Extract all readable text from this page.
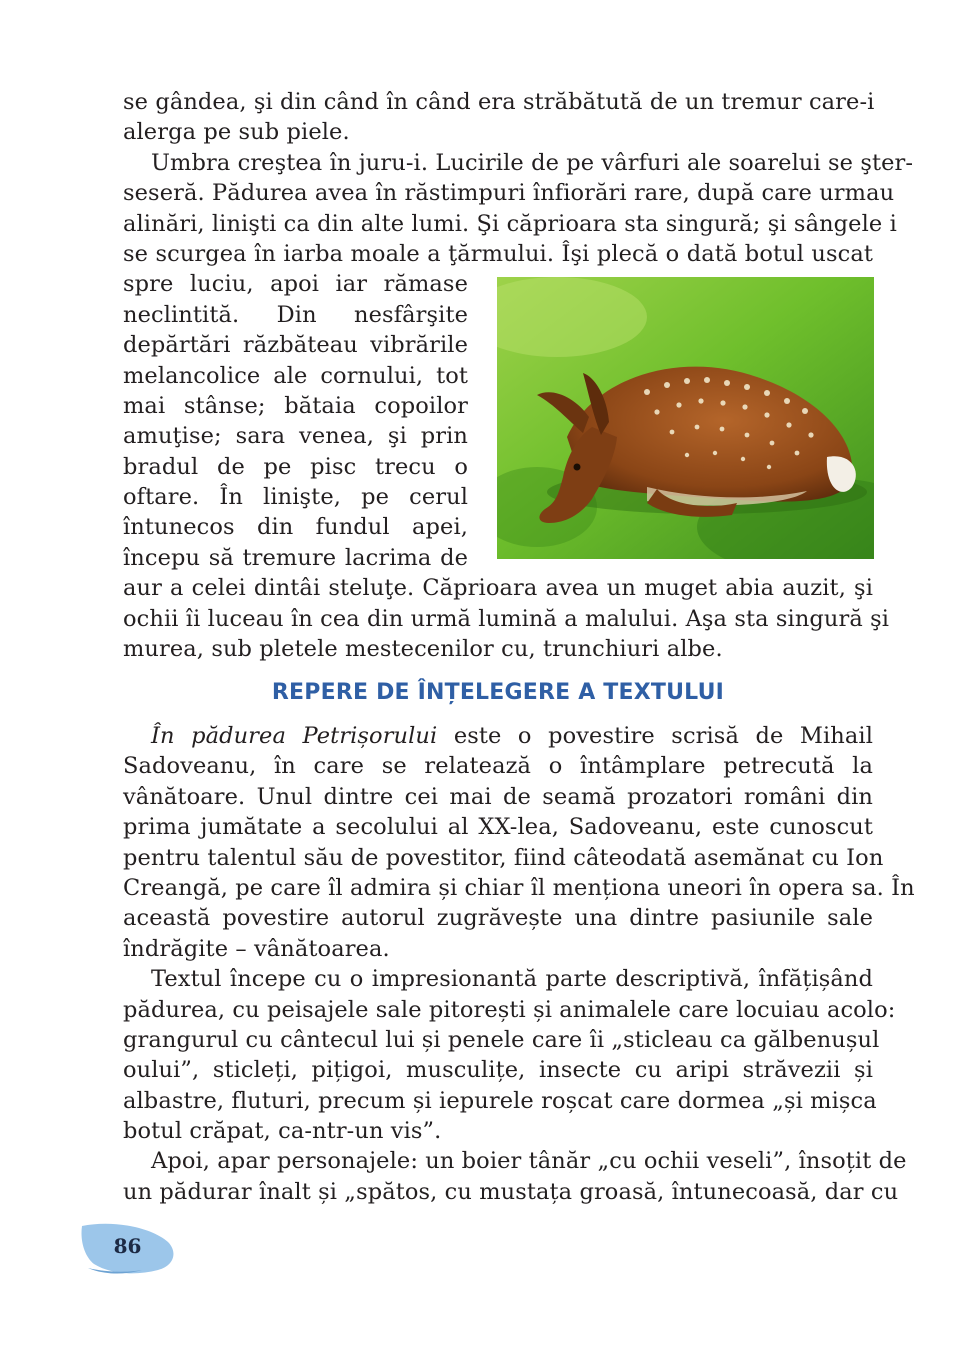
se gândea, şi din când în când era străbătută de un tremur care-i
alerga pe sub piele.
Umbra creştea în juru-i. Lucirile de pe vârfuri ale soarelui se şter-
seseră. Pădurea avea în răstimpuri înfiorări rare, după care urmau
alinări, linişti ca din alte lumi. Şi căprioara sta singură; şi sângele i
se scurgea în iarba moale a ţărmului. Îşi plecă o dată botul uscat
spre luciu, apoi iar rămase
neclintită. Din nesfârşite
depărtări răzbăteau vibrările
melancolice ale cornului, tot
mai stânse; bătaia copoilor
amuţise; sara venea, şi prin
bradul de pe pisc trecu o
oftare. În linişte, pe cerul
întunecos din fundul apei,
începu să tremure lacrima de
aur a celei dintâi steluţe. Căprioara avea un muget abia auzit, şi
ochii îi luceau în cea din urmă lumină a malului. Aşa sta singură şi
murea, sub pletele mestecenilor cu, trunchiuri albe.
REPERE DE ÎNȚELEGERE A TEXTULUI
În pădurea Petrișorului este o povestire scrisă de Mihail
Sadoveanu, în care se relatează o întâmplare petrecută la
vânătoare. Unul dintre cei mai de seamă prozatori români din
prima jumătate a secolului al XX-lea, Sadoveanu, este cunoscut
pentru talentul său de povestitor, fiind câteodată asemănat cu Ion
Creangă, pe care îl admira și chiar îl menționa uneori în opera sa. În
această povestire autorul zugrăvește una dintre pasiunile sale
îndrăgite – vânătoarea.
Textul începe cu o impresionantă parte descriptivă, înfățișând
pădurea, cu peisajele sale pitorești și animalele care locuiau acolo:
grangurul cu cântecul lui și penele care îi „sticleau ca gălbenușul
oului”, sticleți, pițigoi, musculițe, insecte cu aripi străvezii și
albastre, fluturi, precum și iepurele roșcat care dormea „și mișca
botul crăpat, ca-ntr-un vis”.
Apoi, apar personajele: un boier tânăr „cu ochii veseli”, însoțit de
un pădurar înalt și „spătos, cu mustața groasă, întunecoasă, dar cu
86
